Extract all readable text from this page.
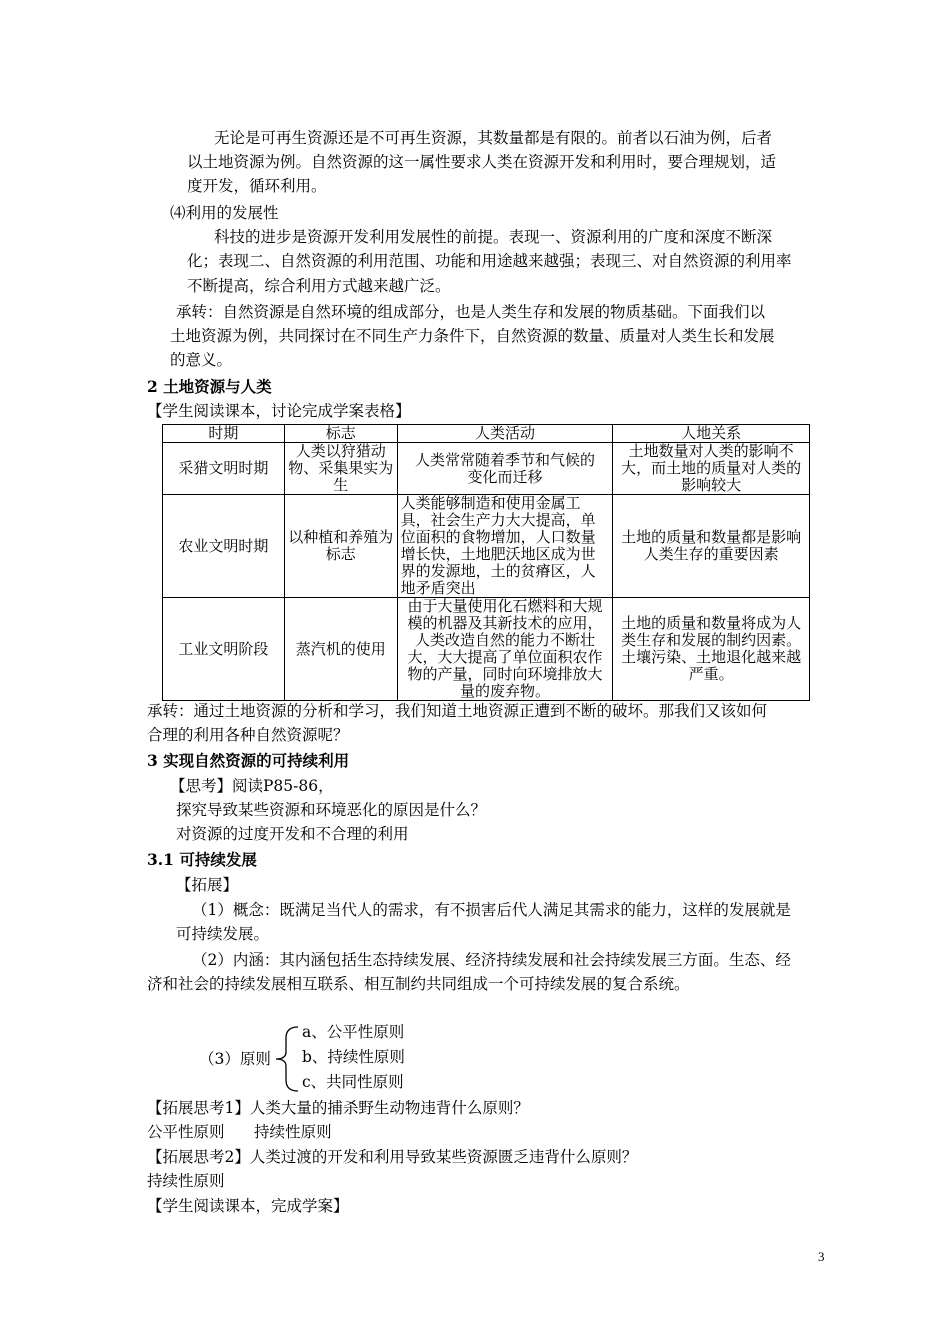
无论是可再生资源还是不可再生资源，其数量都是有限的。前者以石油为例，后者
以土地资源为例。自然资源的这一属性要求人类在资源开发和利用时，要合理规划，适
度开发，循环利用。
⑷利用的发展性
科技的进步是资源开发利用发展性的前提。表现一、资源利用的广度和深度不断深
化；表现二、自然资源的利用范围、功能和用途越来越强；表现三、对自然资源的利用率
不断提高，综合利用方式越来越广泛。
承转：自然资源是自然环境的组成部分，也是人类生存和发展的物质基础。下面我们以
土地资源为例，共同探讨在不同生产力条件下，自然资源的数量、质量对人类生长和发展
的意义。
2 土地资源与人类
【学生阅读课本，讨论完成学案表格】
时期	标志	人类活动	人地关系
采猎文明时期	人类以狩猎动物、采集果实为生	人类常常随着季节和气候的变化而迁移	土地数量对人类的影响不大，而土地的质量对人类的影响较大
农业文明时期	以种植和养殖为标志	人类能够制造和使用金属工具，社会生产力大大提高，单位面积的食物增加，人口数量增长快，土地肥沃地区成为世界的发源地，土的贫瘠区，人地矛盾突出	土地的质量和数量都是影响人类生存的重要因素
工业文明阶段	蒸汽机的使用	由于大量使用化石燃料和大规模的机器及其新技术的应用，人类改造自然的能力不断壮大，大大提高了单位面积农作物的产量，同时向环境排放大量的废弃物。	土地的质量和数量将成为人类生存和发展的制约因素。土壤污染、土地退化越来越严重。
承转：通过土地资源的分析和学习，我们知道土地资源正遭到不断的破坏。那我们又该如何
合理的利用各种自然资源呢？
3 实现自然资源的可持续利用
【思考】阅读P85-86，
探究导致某些资源和环境恶化的原因是什么？
对资源的过度开发和不合理的利用
3.1 可持续发展
【拓展】
（1）概念：既满足当代人的需求，有不损害后代人满足其需求的能力，这样的发展就是
可持续发展。
（2）内涵：其内涵包括生态持续发展、经济持续发展和社会持续发展三方面。生态、经
济和社会的持续发展相互联系、相互制约共同组成一个可持续发展的复合系统。
（3）原则
a、公平性原则
b、持续性原则
c、共同性原则
【拓展思考1】人类大量的捕杀野生动物违背什么原则？
公平性原则      持续性原则
【拓展思考2】人类过渡的开发和利用导致某些资源匮乏违背什么原则？
持续性原则
【学生阅读课本，完成学案】
3
